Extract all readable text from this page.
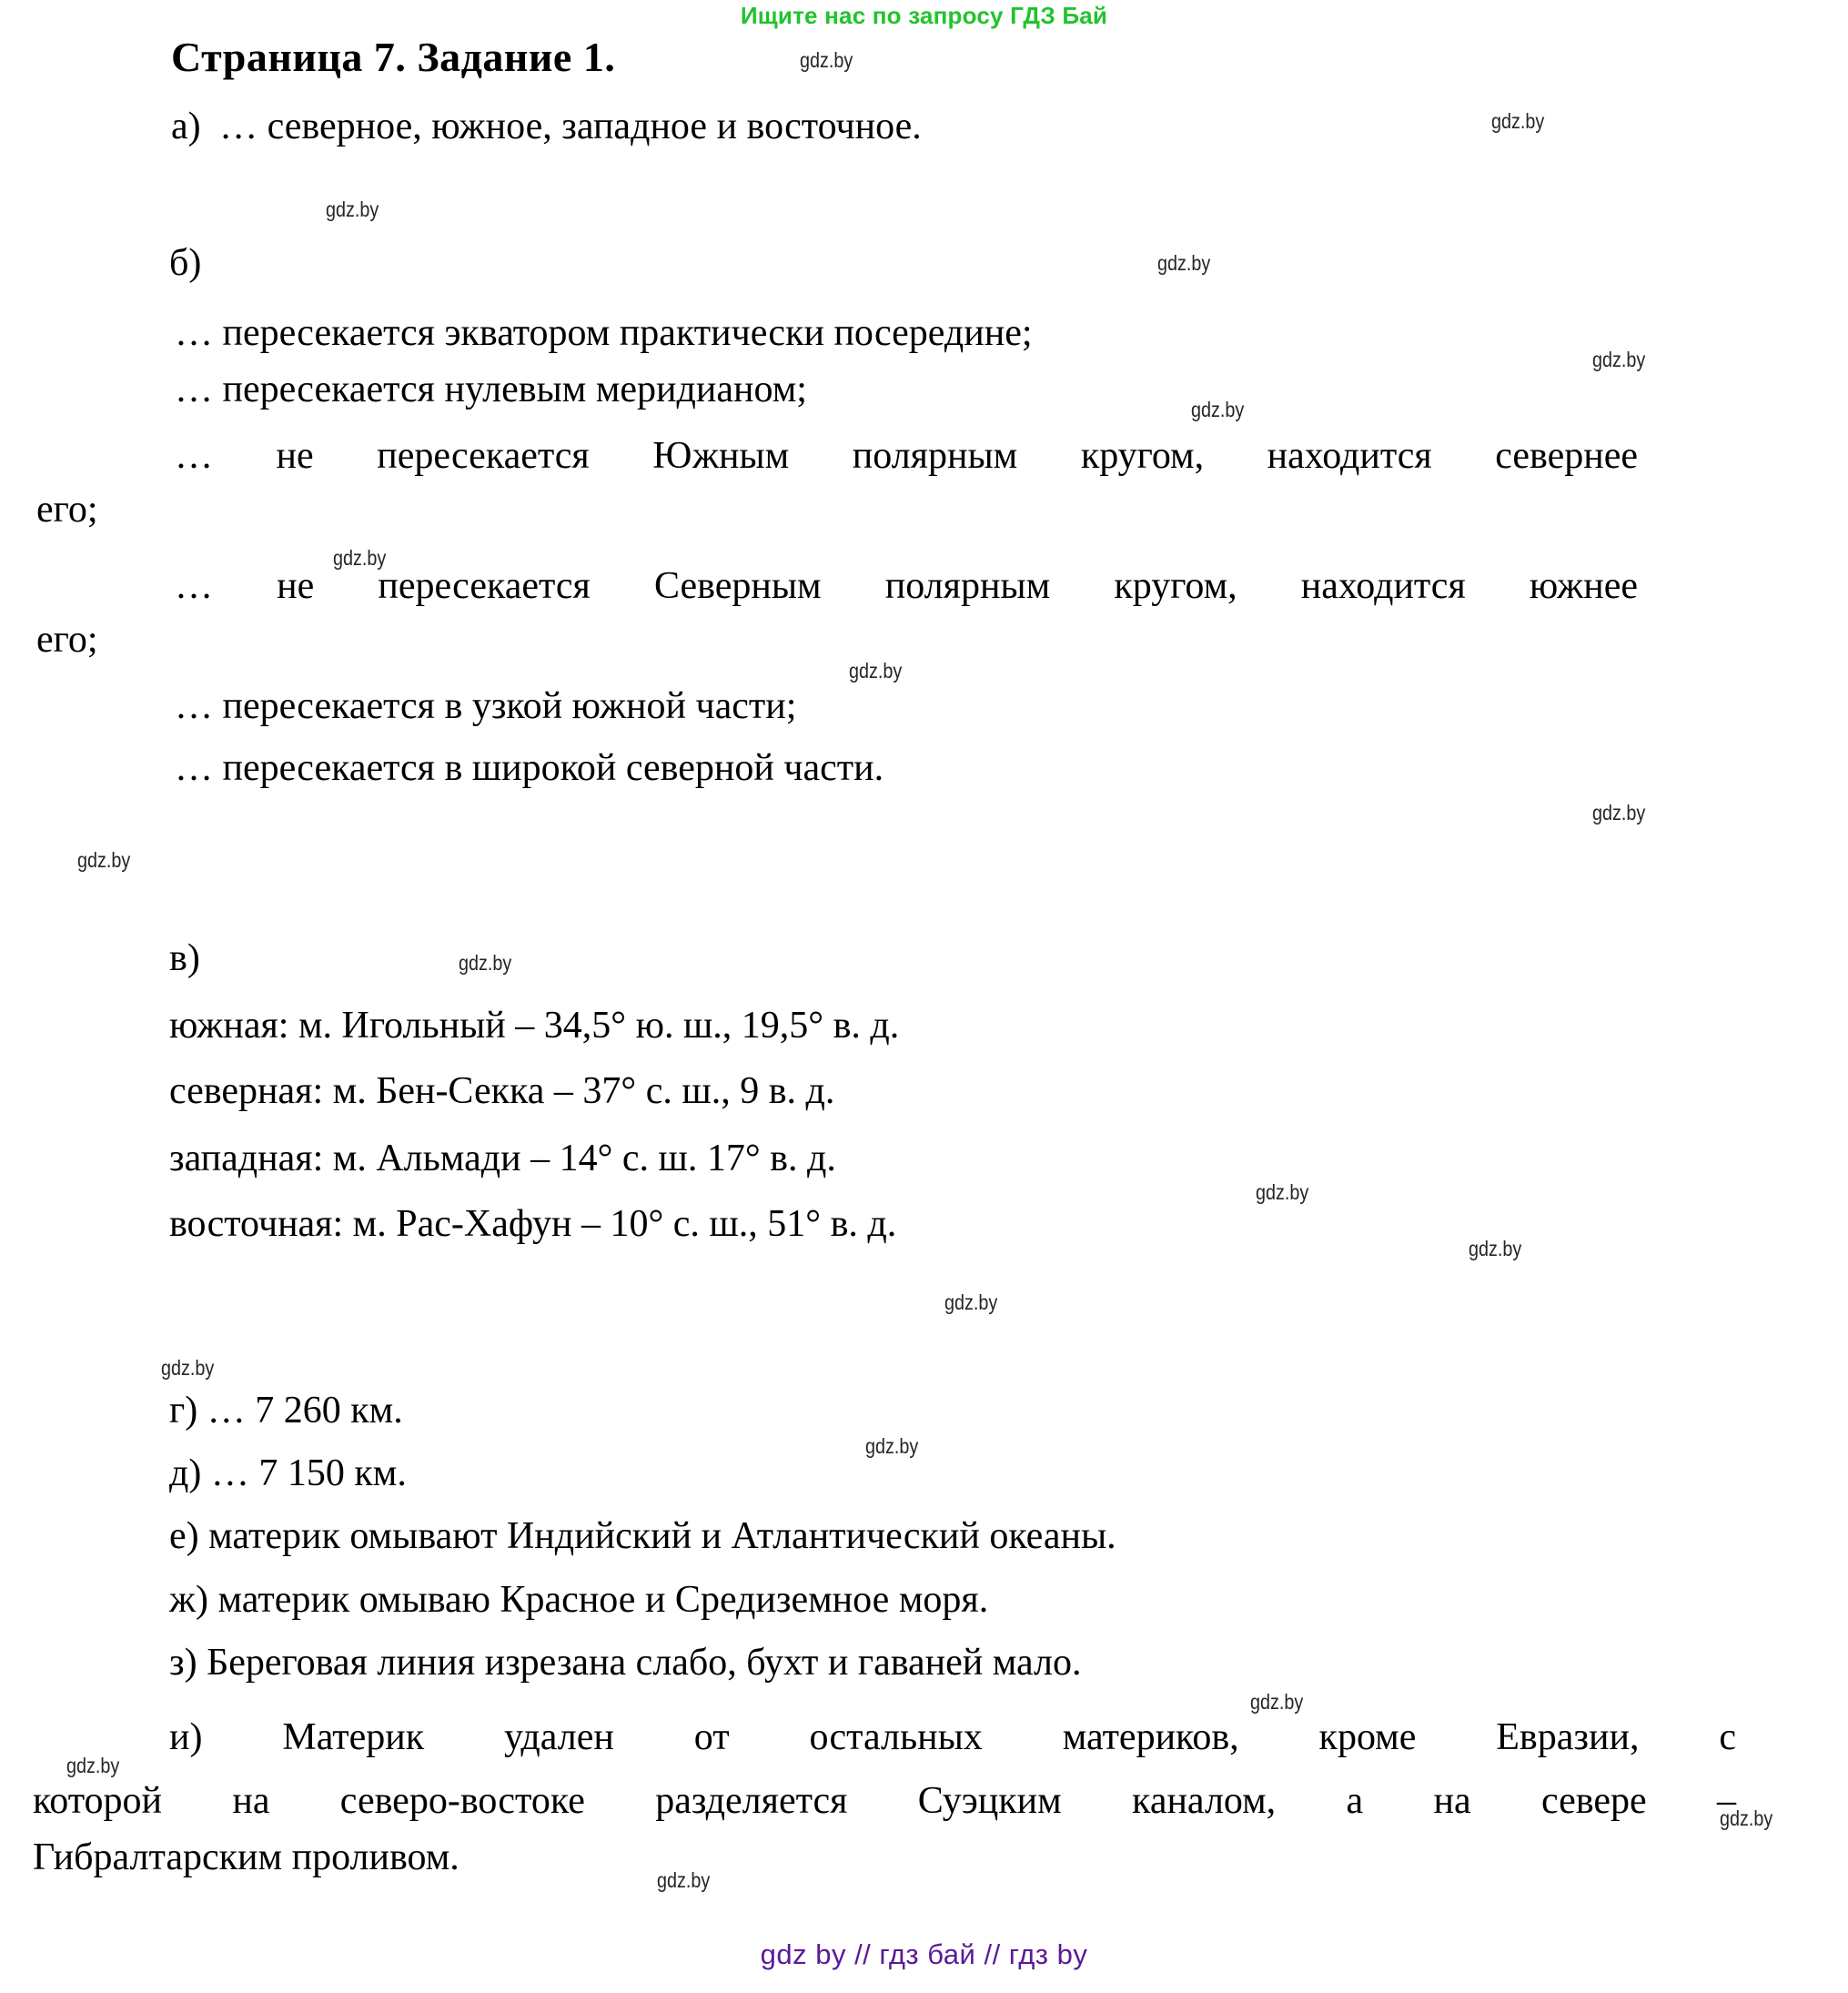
Ищите нас по запросу ГДЗ Бай
Страница 7. Задание 1.
а) … северное, южное, западное и восточное.
б)
… пересекается экватором практически посередине;
… пересекается нулевым меридианом;
… не пересекается Южным полярным кругом, находится севернее
его;
… не пересекается Северным полярным кругом, находится южнее
его;
… пересекается в узкой южной части;
… пересекается в широкой северной части.
в)
южная: м. Игольный – 34,5° ю. ш., 19,5° в. д.
северная: м. Бен-Секка – 37° с. ш., 9 в. д.
западная: м. Альмади – 14° с. ш. 17° в. д.
восточная: м. Рас-Хафун – 10° с. ш., 51° в. д.
г) … 7 260 км.
д) … 7 150 км.
е) материк омывают Индийский и Атлантический океаны.
ж) материк омываю Красное и Средиземное моря.
з) Береговая линия изрезана слабо, бухт и гаваней мало.
и) Материк удален от остальных материков, кроме Евразии, с
которой на северо-востоке разделяется Суэцким каналом, а на севере –
Гибралтарским проливом.
gdz.by
gdz.by
gdz.by
gdz.by
gdz.by
gdz.by
gdz.by
gdz.by
gdz.by
gdz.by
gdz.by
gdz.by
gdz.by
gdz.by
gdz.by
gdz.by
gdz.by
gdz.by
gdz.by
gdz.by
gdz by // гдз бай // гдз by
